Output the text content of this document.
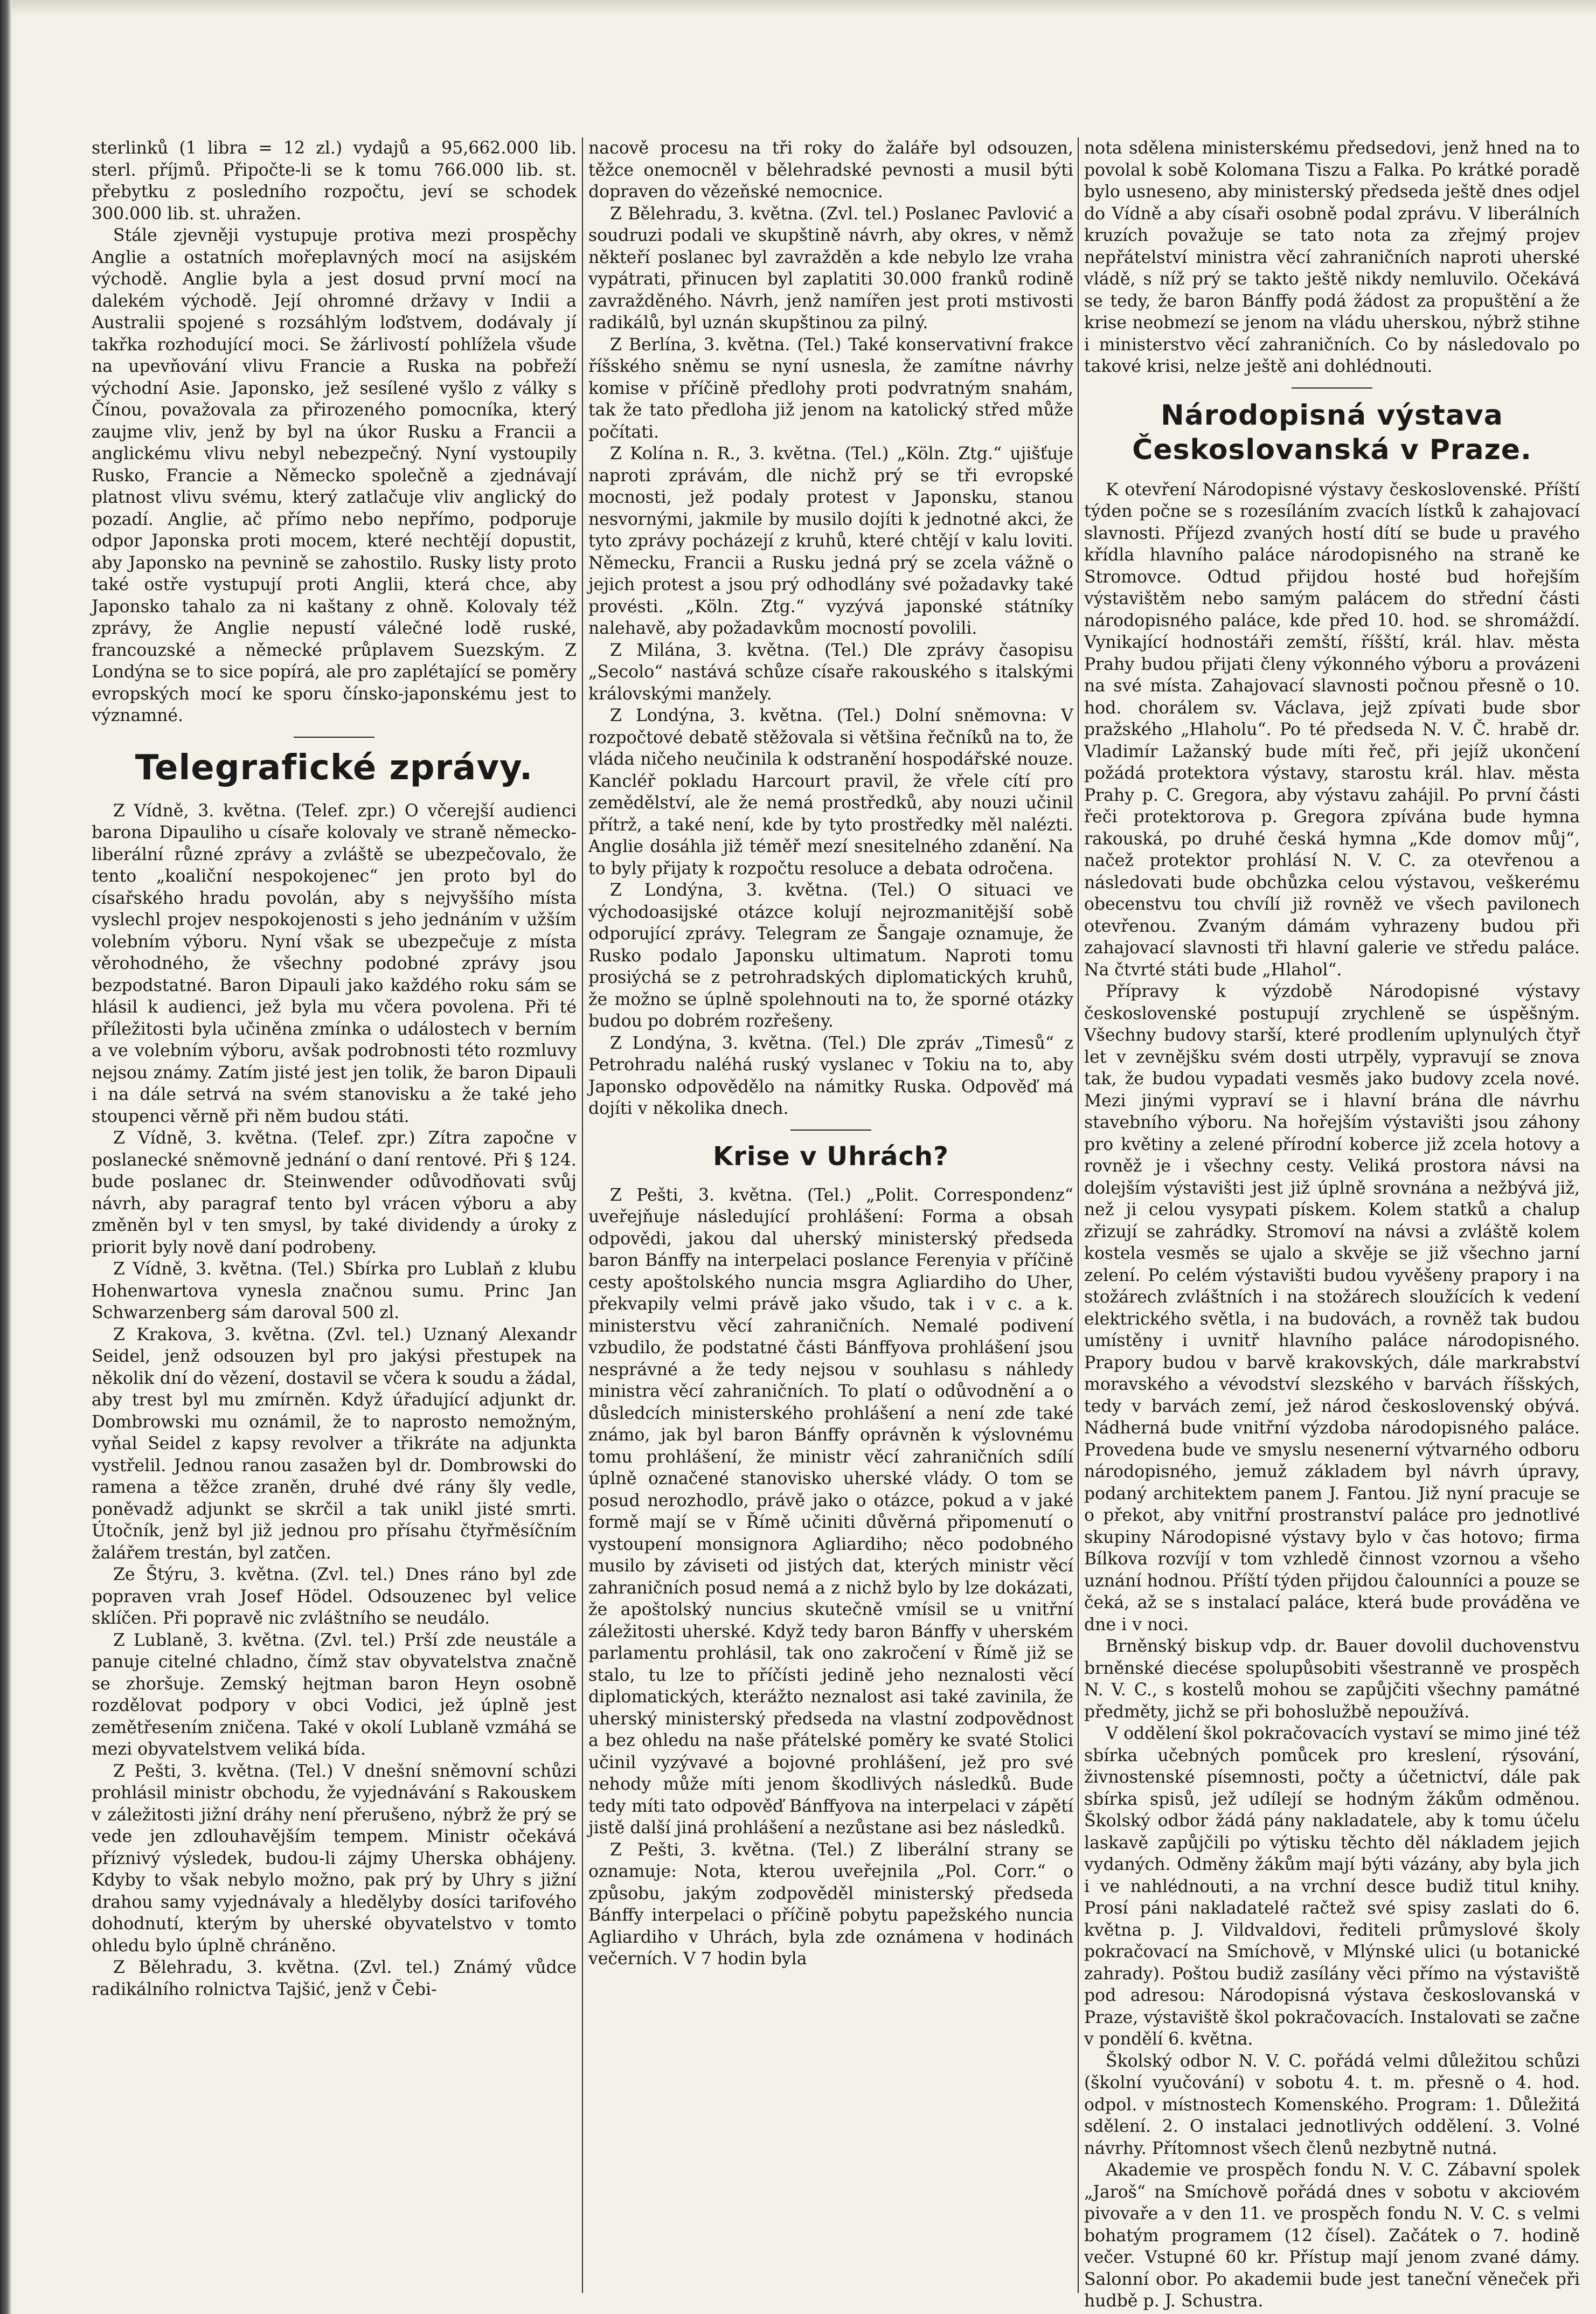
sterlinků (1 libra = 12 zl.) vydajů a 95,662.000 lib. sterl. příjmů. Připočte-li se k tomu 766.000 lib. st. přebytku z posledního rozpočtu, jeví se schodek 300.000 lib. st. uhražen.

Stále zjevněji vystupuje protiva mezi prospěchy Anglie a ostatních mořeplavných mocí na asijském východě. Anglie byla a jest dosud první mocí na dalekém východě. Její ohromné državy v Indii a Australii spojené s rozsáhlým loďstvem, dodávaly jí takřka rozhodující moci. Se žárlivostí pohlížela všude na upevňování vlivu Francie a Ruska na pobřeží východní Asie. Japonsko, jež sesílené vyšlo z války s Čínou, považovala za přirozeného pomocníka, který zaujme vliv, jenž by byl na úkor Rusku a Francii a anglickému vlivu nebyl nebezpečný. Nyní vystoupily Rusko, Francie a Německo společně a zjednávají platnost vlivu svému, který zatlačuje vliv anglický do pozadí. Anglie, ač přímo nebo nepřímo, podporuje odpor Japonska proti mocem, které nechtějí dopustit, aby Japonsko na pevnině se zahostilo. Rusky listy proto také ostře vystupují proti Anglii, která chce, aby Japonsko tahalo za ni kaštany z ohně. Kolovaly též zprávy, že Anglie nepustí válečné lodě ruské, francouzské a německé průplavem Suezským. Z Londýna se to sice popírá, ale pro zaplétající se poměry evropských mocí ke sporu čínsko-japonskému jest to významné.

Telegrafické zprávy.

Z Vídně, 3. května. (Telef. zpr.) O včerejší audienci barona Dipauliho u císaře kolovaly ve straně německo-liberální různé zprávy a zvláště se ubezpečovalo, že tento „koaliční nespokojenec“ jen proto byl do císařského hradu povolán, aby s nejvyššího místa vyslechl projev nespokojenosti s jeho jednáním v užším volebním výboru. Nyní však se ubezpečuje z místa věrohodného, že všechny podobné zprávy jsou bezpodstatné. Baron Dipauli jako každého roku sám se hlásil k audienci, jež byla mu včera povolena. Při té příležitosti byla učiněna zmínka o událostech v berním a ve volebním výboru, avšak podrobnosti této rozmluvy nejsou známy. Zatím jisté jest jen tolik, že baron Dipauli i na dále setrvá na svém stanovisku a že také jeho stoupenci věrně při něm budou státi.

Z Vídně, 3. května. (Telef. zpr.) Zítra započne v poslanecké sněmovně jednání o daní rentové. Při § 124. bude poslanec dr. Steinwender odůvodňovati svůj návrh, aby paragraf tento byl vrácen výboru a aby změněn byl v ten smysl, by také dividendy a úroky z priorit byly nově daní podrobeny.

Z Vídně, 3. května. (Tel.) Sbírka pro Lublaň z klubu Hohenwartova vynesla značnou sumu. Princ Jan Schwarzenberg sám daroval 500 zl.

Z Krakova, 3. května. (Zvl. tel.) Uznaný Alexandr Seidel, jenž odsouzen byl pro jakýsi přestupek na několik dní do vězení, dostavil se včera k soudu a žádal, aby trest byl mu zmírněn. Když úřadující adjunkt dr. Dombrowski mu oznámil, že to naprosto nemožným, vyňal Seidel z kapsy revolver a třikráte na adjunkta vystřelil. Jednou ranou zasažen byl dr. Dombrowski do ramena a těžce zraněn, druhé dvé rány šly vedle, poněvadž adjunkt se skrčil a tak unikl jisté smrti. Útočník, jenž byl již jednou pro přísahu čtyřměsíčním žalářem trestán, byl zatčen.

Ze Štýru, 3. května. (Zvl. tel.) Dnes ráno byl zde popraven vrah Josef Hödel. Odsouzenec byl velice sklíčen. Při popravě nic zvláštního se neudálo.

Z Lublaně, 3. května. (Zvl. tel.) Prší zde neustále a panuje citelné chladno, čímž stav obyvatelstva značně se zhoršuje. Zemský hejtman baron Heyn osobně rozdělovat podpory v obci Vodici, jež úplně jest zemětřesením zničena. Také v okolí Lublaně vzmáhá se mezi obyvatelstvem veliká bída.

Z Pešti, 3. května. (Tel.) V dnešní sněmovní schůzi prohlásil ministr obchodu, že vyjednávání s Rakouskem v záležitosti jižní dráhy není přerušeno, nýbrž že prý se vede jen zdlouhavějším tempem. Ministr očekává příznivý výsledek, budou-li zájmy Uherska obhájeny. Kdyby to však nebylo možno, pak prý by Uhry s jižní drahou samy vyjednávaly a hledělyby dosíci tarifového dohodnutí, kterým by uherské obyvatelstvo v tomto ohledu bylo úplně chráněno.

Z Bělehradu, 3. května. (Zvl. tel.) Známý vůdce radikálního rolnictva Tajšić, jenž v Čebi-

nacově procesu na tři roky do žaláře byl odsouzen, těžce onemocněl v bělehradské pevnosti a musil býti dopraven do vězeňské nemocnice.

Z Bělehradu, 3. května. (Zvl. tel.) Poslanec Pavlović a soudruzi podali ve skupštině návrh, aby okres, v němž někteří poslanec byl zavražděn a kde nebylo lze vraha vypátrati, přinucen byl zaplatiti 30.000 franků rodině zavražděného. Návrh, jenž namířen jest proti mstivosti radikálů, byl uznán skupštinou za pilný.

Z Berlína, 3. května. (Tel.) Také konservativní frakce říšského sněmu se nyní usnesla, že zamítne návrhy komise v příčině předlohy proti podvratným snahám, tak že tato předloha již jenom na katolický střed může počítati.

Z Kolína n. R., 3. května. (Tel.) „Köln. Ztg.“ ujišťuje naproti zprávám, dle nichž prý se tři evropské mocnosti, jež podaly protest v Japonsku, stanou nesvornými, jakmile by musilo dojíti k jednotné akci, že tyto zprávy pocházejí z kruhů, které chtějí v kalu loviti. Německu, Francii a Rusku jedná prý se zcela vážně o jejich protest a jsou prý odhodlány své požadavky také provésti. „Köln. Ztg.“ vyzývá japonské státníky nalehavě, aby požadavkům mocností povolili.

Z Milána, 3. května. (Tel.) Dle zprávy časopisu „Secolo“ nastává schůze císaře rakouského s italskými královskými manžely.

Z Londýna, 3. května. (Tel.) Dolní sněmovna: V rozpočtové debatě stěžovala si většina řečníků na to, že vláda ničeho neučinila k odstranění hospodářské nouze. Kancléř pokladu Harcourt pravil, že vřele cítí pro zemědělství, ale že nemá prostředků, aby nouzi učinil přítrž, a také není, kde by tyto prostředky měl nalézti. Anglie dosáhla již téměř mezí snesitelného zdanění. Na to byly přijaty k rozpočtu resoluce a debata odročena.

Z Londýna, 3. května. (Tel.) O situaci ve východoasijské otázce kolují nejrozmanitější sobě odporující zprávy. Telegram ze Šangaje oznamuje, že Rusko podalo Japonsku ultimatum. Naproti tomu prosiýchá se z petrohradských diplomatických kruhů, že možno se úplně spolehnouti na to, že sporné otázky budou po dobrém rozřešeny.

Z Londýna, 3. května. (Tel.) Dle zpráv „Timesů“ z Petrohradu naléhá ruský vyslanec v Tokiu na to, aby Japonsko odpovědělo na námitky Ruska. Odpověď má dojíti v několika dnech.

Krise v Uhrách?

Z Pešti, 3. května. (Tel.) „Polit. Correspondenz“ uveřejňuje následující prohlášení: Forma a obsah odpovědi, jakou dal uherský ministerský předseda baron Bánffy na interpelaci poslance Ferenyia v příčině cesty apoštolského nuncia msgra Agliardiho do Uher, překvapily velmi právě jako všudo, tak i v c. a k. ministerstvu věcí zahraničních. Nemalé podivení vzbudilo, že podstatné části Bánffyova prohlášení jsou nesprávné a že tedy nejsou v souhlasu s náhledy ministra věcí zahraničních. To platí o odůvodnění a o důsledcích ministerského prohlášení a není zde také známo, jak byl baron Bánffy oprávněn k výslovnému tomu prohlášení, že ministr věcí zahraničních sdílí úplně označené stanovisko uherské vlády. O tom se posud nerozhodlo, právě jako o otázce, pokud a v jaké formě mají se v Římě učiniti důvěrná připomenutí o vystoupení monsignora Agliardiho; něco podobného musilo by záviseti od jistých dat, kterých ministr věcí zahraničních posud nemá a z nichž bylo by lze dokázati, že apoštolský nuncius skutečně vmísil se u vnitřní záležitosti uherské. Když tedy baron Bánffy v uherském parlamentu prohlásil, tak ono zakročení v Římě již se stalo, tu lze to příčísti jedině jeho neznalosti věcí diplomatických, kterážto neznalost asi také zavinila, že uherský ministerský předseda na vlastní zodpovědnost a bez ohledu na naše přátelské poměry ke svaté Stolici učinil vyzývavé a bojovné prohlášení, jež pro své nehody může míti jenom škodlivých následků. Bude tedy míti tato odpověď Bánffyova na interpelaci v zápětí jistě další jiná prohlášení a nezůstane asi bez následků.

Z Pešti, 3. května. (Tel.) Z liberální strany se oznamuje: Nota, kterou uveřejnila „Pol. Corr.“ o způsobu, jakým zodpověděl ministerský předseda Bánffy interpelaci o příčině pobytu papežského nuncia Agliardiho v Uhrách, byla zde oznámena v hodinách večerních. V 7 hodin byla

nota sdělena ministerskému předsedovi, jenž hned na to povolal k sobě Kolomana Tiszu a Falka. Po krátké poradě bylo usneseno, aby ministerský předseda ještě dnes odjel do Vídně a aby císaři osobně podal zprávu. V liberálních kruzích považuje se tato nota za zřejmý projev nepřátelství ministra věcí zahraničních naproti uherské vládě, s níž prý se takto ještě nikdy nemluvilo. Očekává se tedy, že baron Bánffy podá žádost za propuštění a že krise neobmezí se jenom na vládu uherskou, nýbrž stihne i ministerstvo věcí zahraničních. Co by následovalo po takové krisi, nelze ještě ani dohlédnouti.

Národopisná výstava Českoslovanská v Praze.

K otevření Národopisné výstavy československé. Příští týden počne se s rozesíláním zvacích lístků k zahajovací slavnosti. Příjezd zvaných hostí dítí se bude u pravého křídla hlavního paláce národopisného na straně ke Stromovce. Odtud přijdou hosté bud hořejším výstavištěm nebo samým palácem do střední části národopisného paláce, kde před 10. hod. se shromáždí. Vynikající hodnostáři zemští, říšští, král. hlav. města Prahy budou přijati členy výkonného výboru a provázeni na své místa. Zahajovací slavnosti počnou přesně o 10. hod. chorálem sv. Václava, jejž zpívati bude sbor pražského „Hlaholu“. Po té předseda N. V. Č. hrabě dr. Vladimír Lažanský bude míti řeč, při jejíž ukončení požádá protektora výstavy, starostu král. hlav. města Prahy p. C. Gregora, aby výstavu zahájil. Po první části řeči protektorova p. Gregora zpívána bude hymna rakouská, po druhé česká hymna „Kde domov můj“, načež protektor prohlásí N. V. C. za otevřenou a následovati bude obchůzka celou výstavou, veškerému obecenstvu tou chvílí již rovněž ve všech pavilonech otevřenou. Zvaným dámám vyhrazeny budou při zahajovací slavnosti tři hlavní galerie ve středu paláce. Na čtvrté státi bude „Hlahol“.

Přípravy k výzdobě Národopisné výstavy československé postupují zrychleně se úspěšným. Všechny budovy starší, které prodlením uplynulých čtyř let v zevnějšku svém dosti utrpěly, vypravují se znova tak, že budou vypadati vesměs jako budovy zcela nové. Mezi jinými vypraví se i hlavní brána dle návrhu stavebního výboru. Na hořejším výstavišti jsou záhony pro květiny a zelené přírodní koberce již zcela hotovy a rovněž je i všechny cesty. Veliká prostora návsi na dolejším výstavišti jest již úplně srovnána a nežbývá již, než ji celou vysypati pískem. Kolem statků a chalup zřizují se zahrádky. Stromoví na návsi a zvláště kolem kostela vesměs se ujalo a skvěje se již všechno jarní zelení. Po celém výstavišti budou vyvěšeny prapory i na stožárech zvláštních i na stožárech sloužících k vedení elektrického světla, i na budovách, a rovněž tak budou umístěny i uvnitř hlavního paláce národopisného. Prapory budou v barvě krakovských, dále markrabství moravského a vévodství slezského v barvách říšských, tedy v barvách zemí, jež národ československý obývá. Nádherná bude vnitřní výzdoba národopisného paláce. Provedena bude ve smyslu nesenerní výtvarného odboru národopisného, jemuž základem byl návrh úpravy, podaný architektem panem J. Fantou. Již nyní pracuje se o překot, aby vnitřní prostranství paláce pro jednotlivé skupiny Národopisné výstavy bylo v čas hotovo; firma Bílkova rozvíjí v tom vzhledě činnost vzornou a všeho uznání hodnou. Příští týden přijdou čalounníci a pouze se čeká, až se s instalací paláce, která bude prováděna ve dne i v noci.

Brněnský biskup vdp. dr. Bauer dovolil duchovenstvu brněnské diecése spolupůsobiti všestranně ve prospěch N. V. C., s kostelů mohou se zapůjčiti všechny památné předměty, jichž se při bohoslužbě nepoužívá.

V oddělení škol pokračovacích vystaví se mimo jiné též sbírka učebných pomůcek pro kreslení, rýsování, živnostenské písemnosti, počty a účetnictví, dále pak sbírka spisů, jež udílejí se hodným žákům odměnou. Školský odbor žádá pány nakladatele, aby k tomu účelu laskavě zapůjčili po výtisku těchto děl nákladem jejich vydaných. Odměny žákům mají býti vázány, aby byla jich i ve nahlédnouti, a na vrchní desce budiž titul knihy. Prosí páni nakladatelé račtež své spisy zaslati do 6. května p. J. Vildvaldovi, řediteli průmyslové školy pokračovací na Smíchově, v Mlýnské ulici (u botanické zahrady). Poštou budiž zasílány věci přímo na výstaviště pod adresou: Národopisná výstava českoslovanská v Praze, výstaviště škol pokračovacích. Instalovati se začne v pondělí 6. května.

Školský odbor N. V. C. pořádá velmi důležitou schůzi (školní vyučování) v sobotu 4. t. m. přesně o 4. hod. odpol. v místnostech Komenského. Program: 1. Důležitá sdělení. 2. O instalaci jednotlivých oddělení. 3. Volné návrhy. Přítomnost všech členů nezbytně nutná.

Akademie ve prospěch fondu N. V. C. Zábavní spolek „Jaroš“ na Smíchově pořádá dnes v sobotu v akciovém pivovaře a v den 11. ve prospěch fondu N. V. C. s velmi bohatým programem (12 čísel). Začátek o 7. hodině večer. Vstupné 60 kr. Přístup mají jenom zvané dámy. Salonní obor. Po akademii bude jest taneční věneček při hudbě p. J. Schustra.
